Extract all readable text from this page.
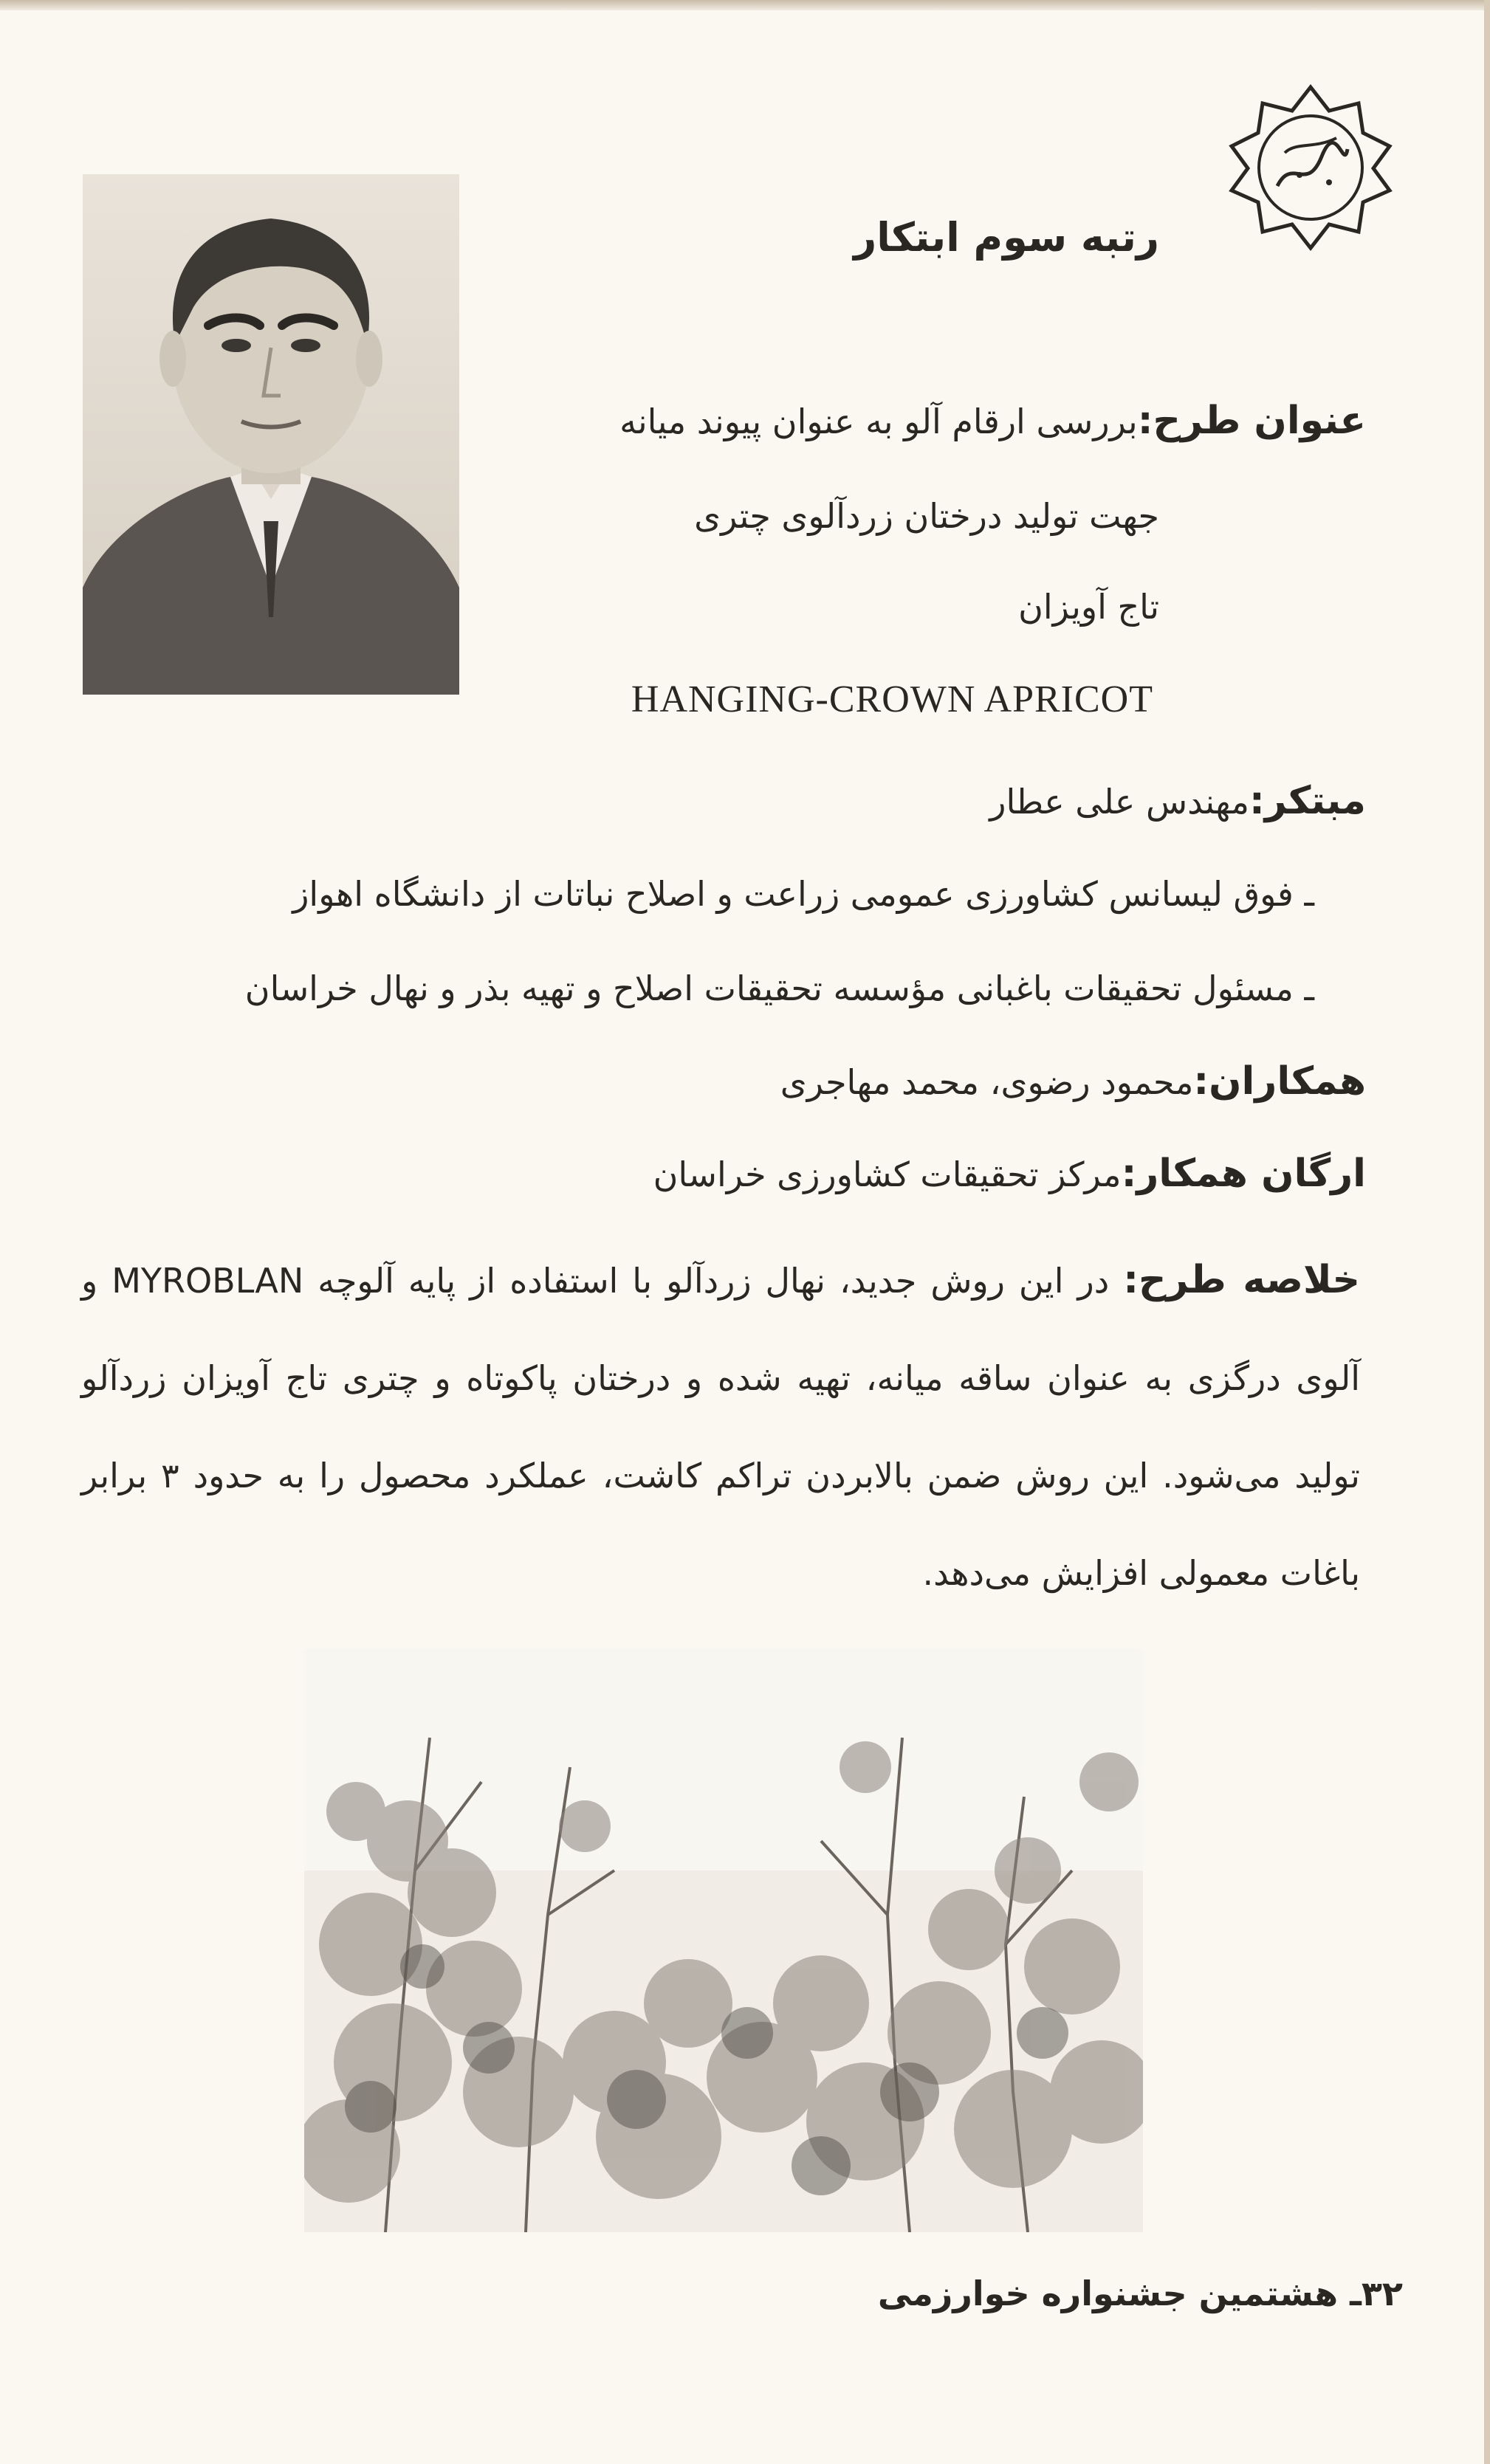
رتبه سوم ابتکار
عنوان طرح:بررسی ارقام آلو به عنوان پیوند میانه
جهت تولید درختان زردآلوی چتری
تاج آویزان
HANGING-CROWN APRICOT
مبتکر:مهندس علی عطار
ـ فوق لیسانس کشاورزی عمومی زراعت و اصلاح نباتات از دانشگاه اهواز
ـ مسئول تحقیقات باغبانی مؤسسه تحقیقات اصلاح و تهیه بذر و نهال خراسان
همکاران:محمود رضوی، محمد مهاجری
ارگان همکار:مرکز تحقیقات کشاورزی خراسان
خلاصه طرح: در این روش جدید، نهال زردآلو با استفاده از پایه آلوچه MYROBLAN و آلوی درگزی به عنوان ساقه میانه، تهیه شده و درختان پاکوتاه و چتری تاج آویزان زردآلو تولید می‌شود. این روش ضمن بالابردن تراکم کاشت، عملکرد محصول را به حدود ۳ برابر باغات معمولی افزایش می‌دهد.
۳۲ـ هشتمین جشنواره خوارزمی
